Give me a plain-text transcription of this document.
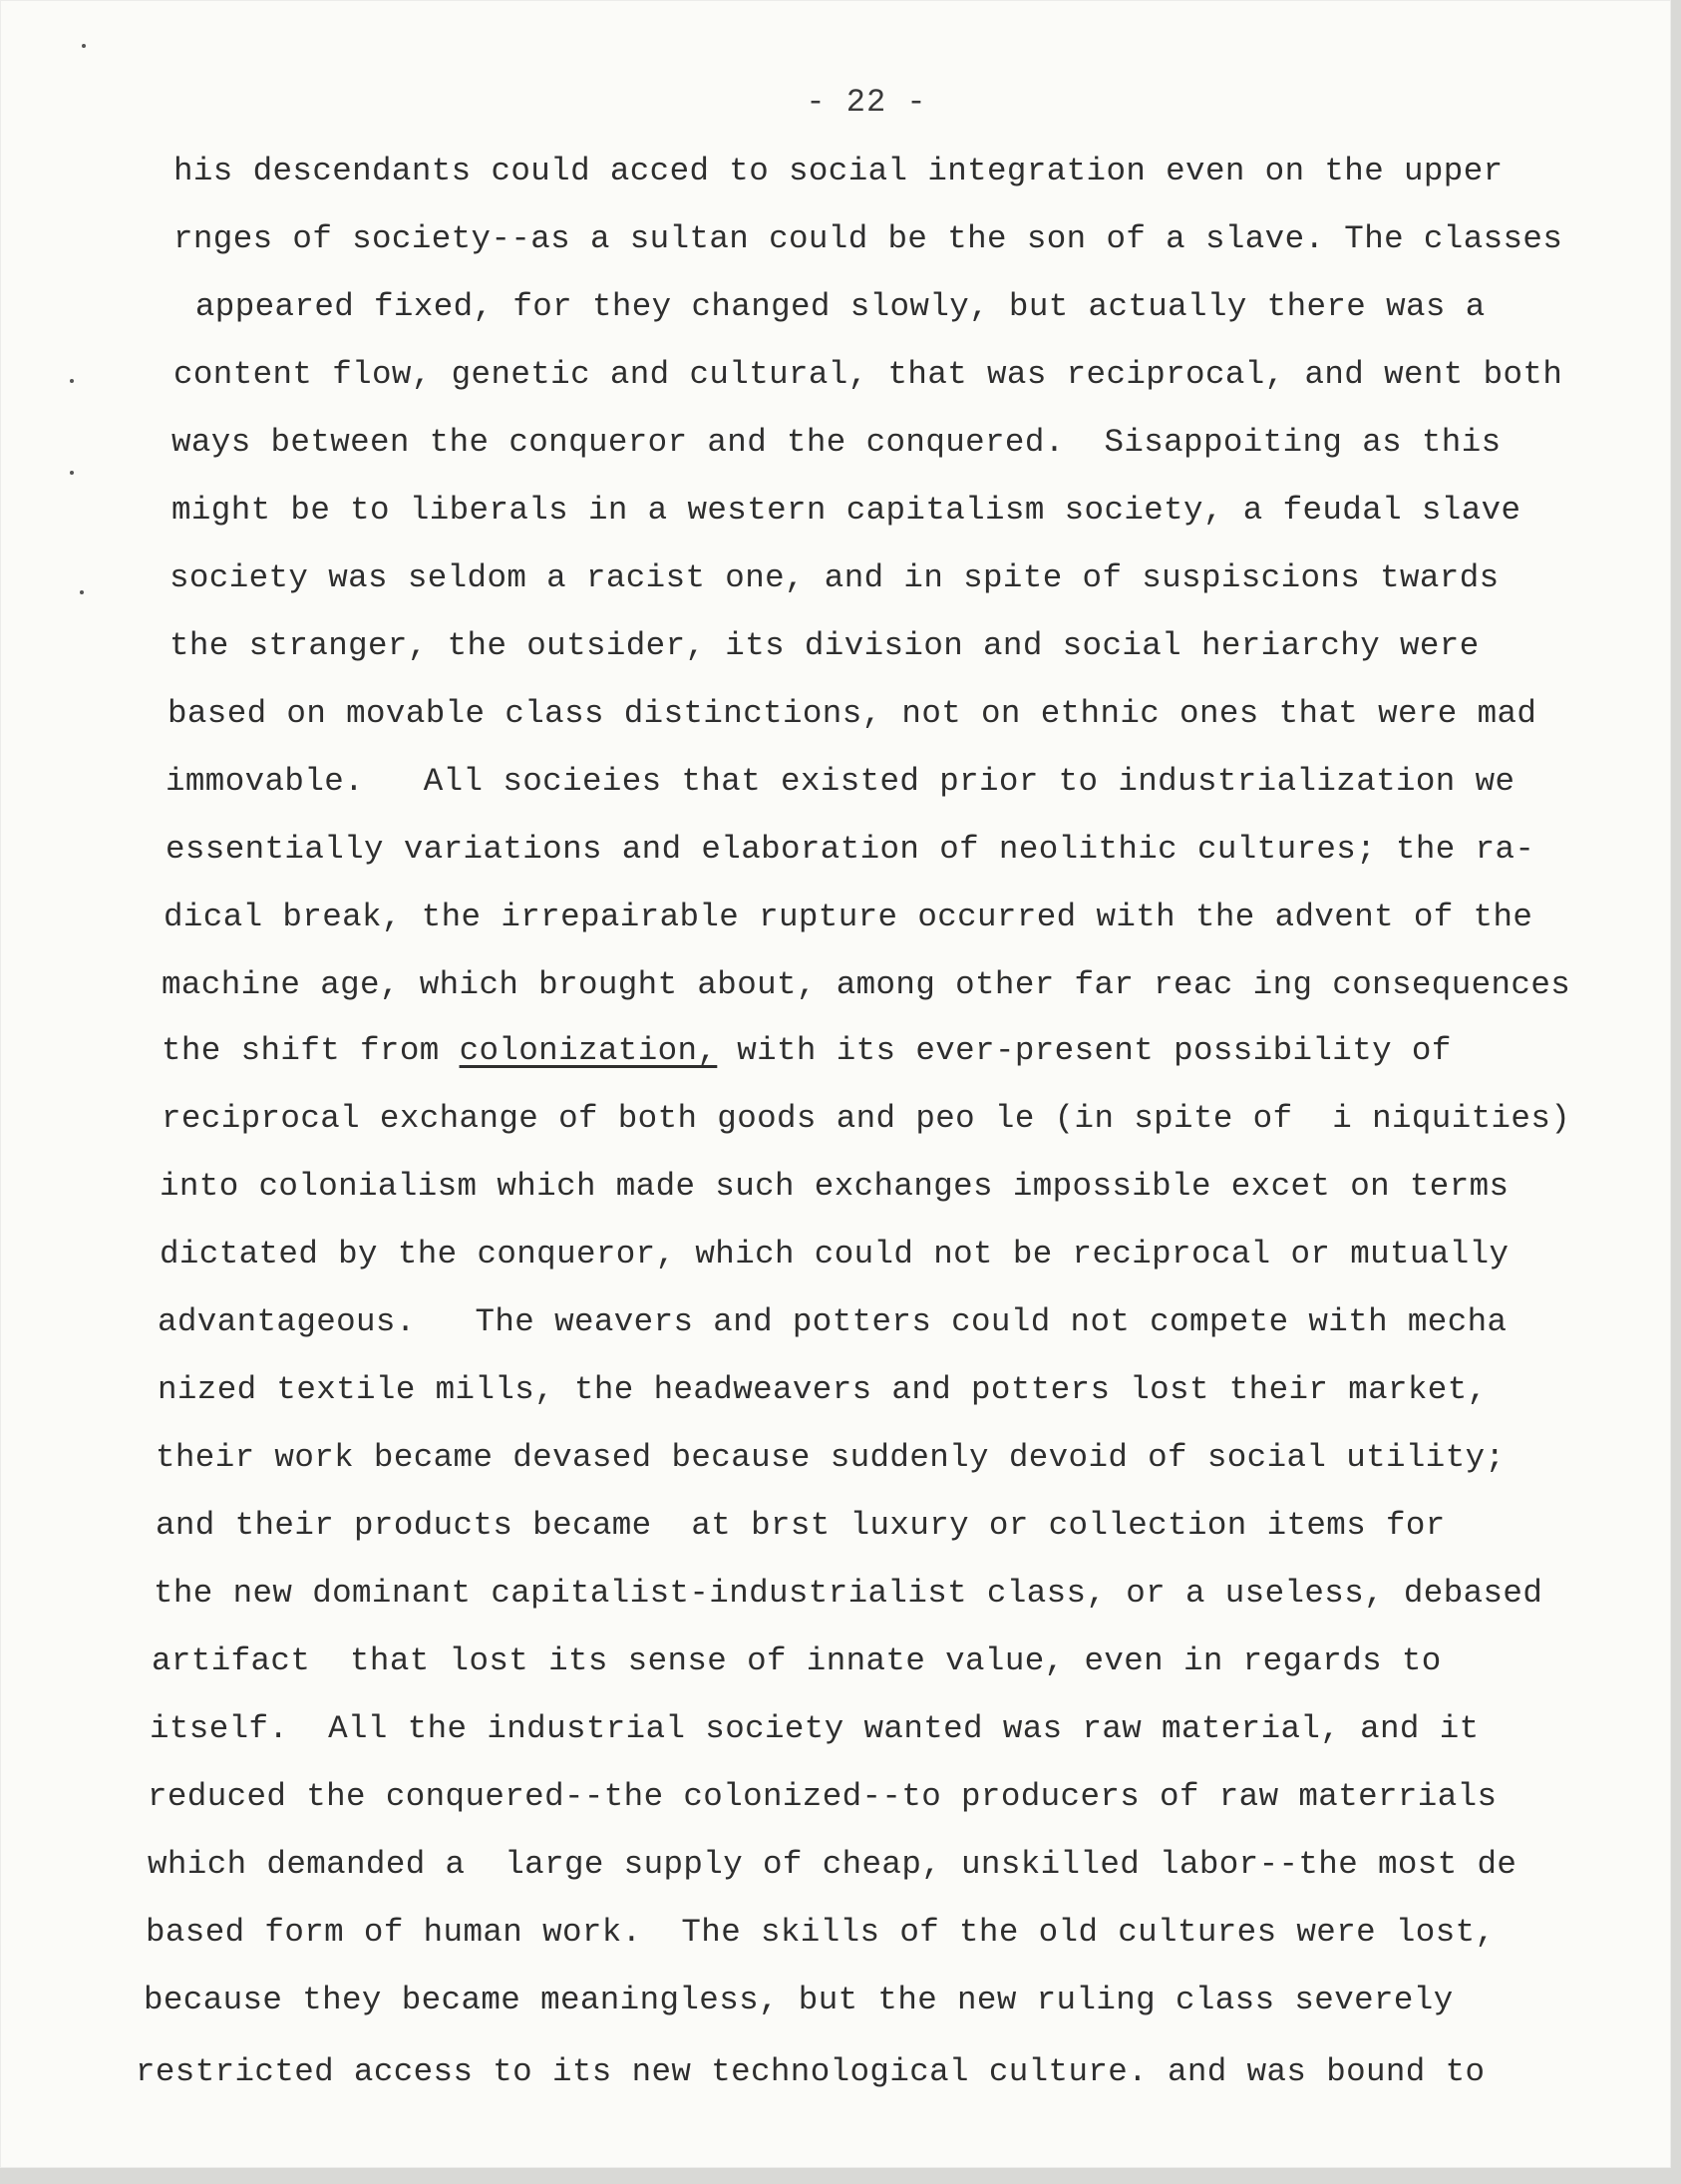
- 22 -
his descendants could acced to social integration even on the upper
rnges of society--as a sultan could be the son of a slave. The classes
appeared fixed, for they changed slowly, but actually there was a
content flow, genetic and cultural, that was reciprocal, and went both
ways between the conqueror and the conquered.  Sisappoiting as this
might be to liberals in a western capitalism society, a feudal slave
society was seldom a racist one, and in spite of suspiscions twards
the stranger, the outsider, its division and social heriarchy were
based on movable class distinctions, not on ethnic ones that were mad
immovable.   All socieies that existed prior to industrialization we
essentially variations and elaboration of neolithic cultures; the ra-
dical break, the irrepairable rupture occurred with the advent of the
machine age, which brought about, among other far reac ing consequences
the shift from colonization, with its ever-present possibility of
reciprocal exchange of both goods and peo le (in spite of  i niquities)
into colonialism which made such exchanges impossible excet on terms
dictated by the conqueror, which could not be reciprocal or mutually
advantageous.   The weavers and potters could not compete with mecha
nized textile mills, the headweavers and potters lost their market,
their work became devased because suddenly devoid of social utility;
and their products became  at brst luxury or collection items for
the new dominant capitalist-industrialist class, or a useless, debased
artifact  that lost its sense of innate value, even in regards to
itself.  All the industrial society wanted was raw material, and it
reduced the conquered--the colonized--to producers of raw materrials
which demanded a  large supply of cheap, unskilled labor--the most de
based form of human work.  The skills of the old cultures were lost,
because they became meaningless, but the new ruling class severely
restricted access to its new technological culture. and was bound to
